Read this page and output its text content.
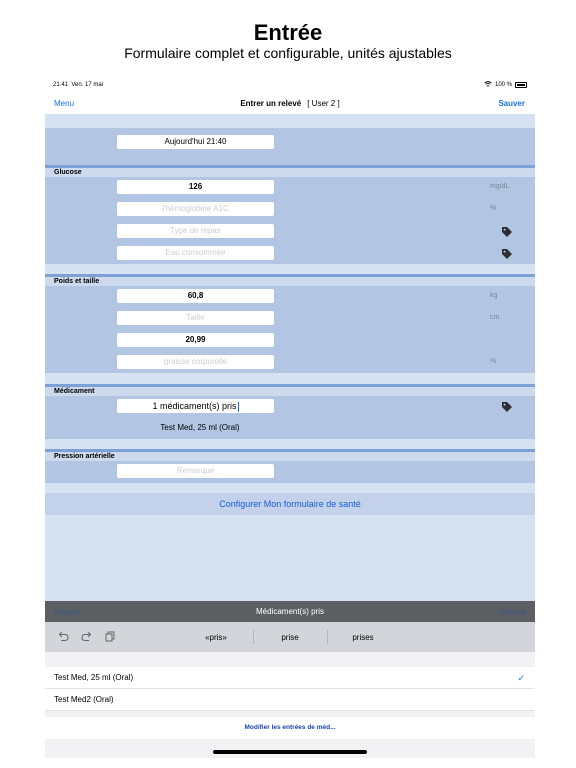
Entrée
Formulaire complet et configurable, unités ajustables
21:41 Ven. 17 mai	100 %
Menu	Entrer un relevé [ User 2 ]	Sauver
Aujourd'hui 21:40
Glucose
126	mg/dL
l'hémoglobine A1C	%
Type de repas
Eau consommée
Poids et taille
60,8	kg
Taille	cm
20,99
graisse corporelle	%
Médicament
1 médicament(s) pris
Test Med, 25 ml (Oral)
Pression artérielle
Remarque
Configurer Mon formulaire de santé
Annuler	Médicament(s) pris	Terminé
«pris»	prise	prises
Test Med, 25 ml (Oral)	✓
Test Med2 (Oral)
Modifier les entrées de méd...
